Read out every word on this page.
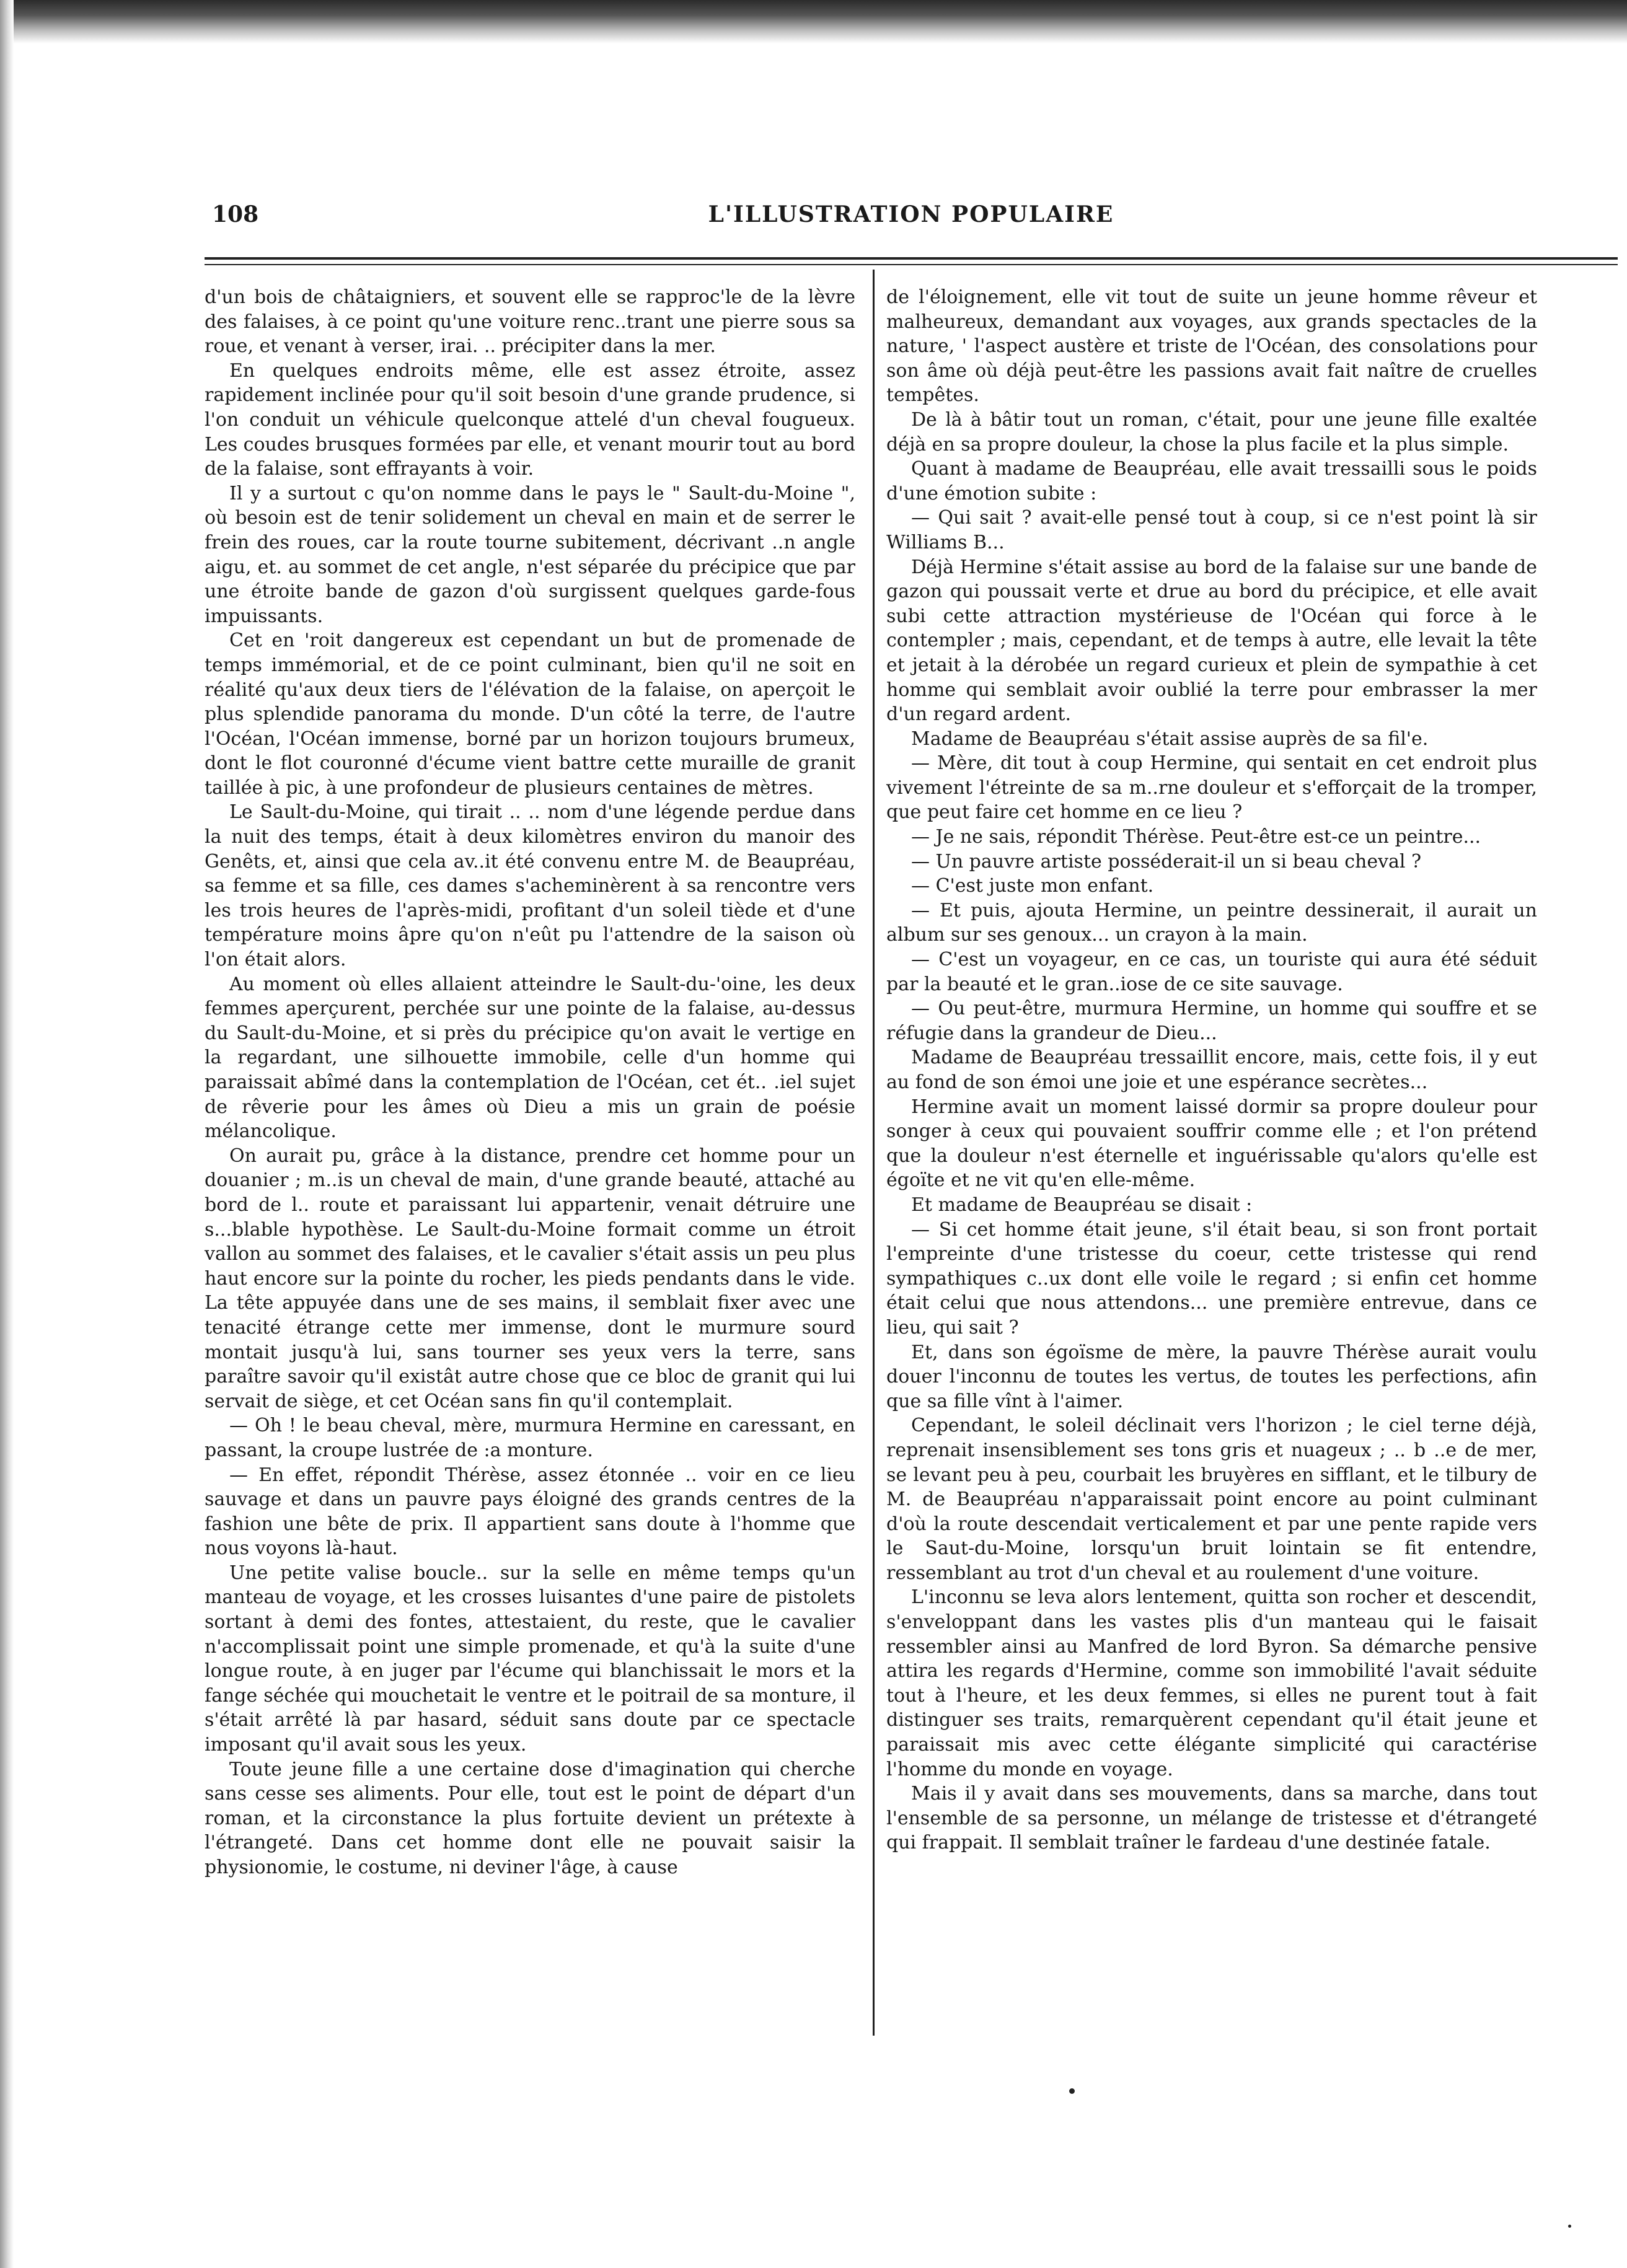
108	L'ILLUSTRATION POPULAIRE

d'un bois de châtaigniers, et souvent elle se rapproc'le de la lèvre des falaises, à ce point qu'une voiture renc..trant une pierre sous sa roue, et venant à verser, irai. .. précipiter dans la mer.

En quelques endroits même, elle est assez étroite, assez rapidement inclinée pour qu'il soit besoin d'une grande prudence, si l'on conduit un véhicule quelconque attelé d'un cheval fougueux. Les coudes brusques formées par elle, et venant mourir tout au bord de la falaise, sont effrayants à voir.

Il y a surtout c qu'on nomme dans le pays le " Sault-du-Moine ", où besoin est de tenir solidement un cheval en main et de serrer le frein des roues, car la route tourne subitement, décrivant ..n angle aigu, et. au sommet de cet angle, n'est séparée du précipice que par une étroite bande de gazon d'où surgissent quelques garde-fous impuissants.

Cet en 'roit dangereux est cependant un but de promenade de temps immémorial, et de ce point culminant, bien qu'il ne soit en réalité qu'aux deux tiers de l'élévation de la falaise, on aperçoit le plus splendide panorama du monde. D'un côté la terre, de l'autre l'Océan, l'Océan immense, borné par un horizon toujours brumeux, dont le flot couronné d'écume vient battre cette muraille de granit taillée à pic, à une profondeur de plusieurs centaines de mètres.

Le Sault-du-Moine, qui tirait .. .. nom d'une légende perdue dans la nuit des temps, était à deux kilomètres environ du manoir des Genêts, et, ainsi que cela av..it été convenu entre M. de Beaupréau, sa femme et sa fille, ces dames s'acheminèrent à sa rencontre vers les trois heures de l'après-midi, profitant d'un soleil tiède et d'une température moins âpre qu'on n'eût pu l'attendre de la saison où l'on était alors.

Au moment où elles allaient atteindre le Sault-du-'oine, les deux femmes aperçurent, perchée sur une pointe de la falaise, au-dessus du Sault-du-Moine, et si près du précipice qu'on avait le vertige en la regardant, une silhouette immobile, celle d'un homme qui paraissait abîmé dans la contemplation de l'Océan, cet ét.. .iel sujet de rêverie pour les âmes où Dieu a mis un grain de poésie mélancolique.

On aurait pu, grâce à la distance, prendre cet homme pour un douanier ; m..is un cheval de main, d'une grande beauté, attaché au bord de l.. route et paraissant lui appartenir, venait détruire une s...blable hypothèse. Le Sault-du-Moine formait comme un étroit vallon au sommet des falaises, et le cavalier s'était assis un peu plus haut encore sur la pointe du rocher, les pieds pendants dans le vide. La tête appuyée dans une de ses mains, il semblait fixer avec une tenacité étrange cette mer immense, dont le murmure sourd montait jusqu'à lui, sans tourner ses yeux vers la terre, sans paraître savoir qu'il existât autre chose que ce bloc de granit qui lui servait de siège, et cet Océan sans fin qu'il contemplait.

— Oh ! le beau cheval, mère, murmura Hermine en caressant, en passant, la croupe lustrée de :a monture.

— En effet, répondit Thérèse, assez étonnée .. voir en ce lieu sauvage et dans un pauvre pays éloigné des grands centres de la fashion une bête de prix. Il appartient sans doute à l'homme que nous voyons là-haut.

Une petite valise boucle.. sur la selle en même temps qu'un manteau de voyage, et les crosses luisantes d'une paire de pistolets sortant à demi des fontes, attestaient, du reste, que le cavalier n'accomplissait point une simple promenade, et qu'à la suite d'une longue route, à en juger par l'écume qui blanchissait le mors et la fange séchée qui mouchetait le ventre et le poitrail de sa monture, il s'était arrêté là par hasard, séduit sans doute par ce spectacle imposant qu'il avait sous les yeux.

Toute jeune fille a une certaine dose d'imagination qui cherche sans cesse ses aliments. Pour elle, tout est le point de départ d'un roman, et la circonstance la plus fortuite devient un prétexte à l'étrangeté. Dans cet homme dont elle ne pouvait saisir la physionomie, le costume, ni deviner l'âge, à cause

de l'éloignement, elle vit tout de suite un jeune homme rêveur et malheureux, demandant aux voyages, aux grands spectacles de la nature, ' l'aspect austère et triste de l'Océan, des consolations pour son âme où déjà peut-être les passions avait fait naître de cruelles tempêtes.

De là à bâtir tout un roman, c'était, pour une jeune fille exaltée déjà en sa propre douleur, la chose la plus facile et la plus simple.

Quant à madame de Beaupréau, elle avait tressailli sous le poids d'une émotion subite :

— Qui sait ? avait-elle pensé tout à coup, si ce n'est point là sir Williams B...

Déjà Hermine s'était assise au bord de la falaise sur une bande de gazon qui poussait verte et drue au bord du précipice, et elle avait subi cette attraction mystérieuse de l'Océan qui force à le contempler ; mais, cependant, et de temps à autre, elle levait la tête et jetait à la dérobée un regard curieux et plein de sympathie à cet homme qui semblait avoir oublié la terre pour embrasser la mer d'un regard ardent.

Madame de Beaupréau s'était assise auprès de sa fil'e.

— Mère, dit tout à coup Hermine, qui sentait en cet endroit plus vivement l'étreinte de sa m..rne douleur et s'efforçait de la tromper, que peut faire cet homme en ce lieu ?

— Je ne sais, répondit Thérèse. Peut-être est-ce un peintre...

— Un pauvre artiste posséderait-il un si beau cheval ?

— C'est juste mon enfant.

— Et puis, ajouta Hermine, un peintre dessinerait, il aurait un album sur ses genoux... un crayon à la main.

— C'est un voyageur, en ce cas, un touriste qui aura été séduit par la beauté et le gran..iose de ce site sauvage.

— Ou peut-être, murmura Hermine, un homme qui souffre et se réfugie dans la grandeur de Dieu...

Madame de Beaupréau tressaillit encore, mais, cette fois, il y eut au fond de son émoi une joie et une espérance secrètes...

Hermine avait un moment laissé dormir sa propre douleur pour songer à ceux qui pouvaient souffrir comme elle ; et l'on prétend que la douleur n'est éternelle et inguérissable qu'alors qu'elle est égoïte et ne vit qu'en elle-même.

Et madame de Beaupréau se disait :

— Si cet homme était jeune, s'il était beau, si son front portait l'empreinte d'une tristesse du coeur, cette tristesse qui rend sympathiques c..ux dont elle voile le regard ; si enfin cet homme était celui que nous attendons... une première entrevue, dans ce lieu, qui sait ?

Et, dans son égoïsme de mère, la pauvre Thérèse aurait voulu douer l'inconnu de toutes les vertus, de toutes les perfections, afin que sa fille vînt à l'aimer.

Cependant, le soleil déclinait vers l'horizon ; le ciel terne déjà, reprenait insensiblement ses tons gris et nuageux ; .. b ..e de mer, se levant peu à peu, courbait les bruyères en sifflant, et le tilbury de M. de Beaupréau n'apparaissait point encore au point culminant d'où la route descendait verticalement et par une pente rapide vers le Saut-du-Moine, lorsqu'un bruit lointain se fit entendre, ressemblant au trot d'un cheval et au roulement d'une voiture.

L'inconnu se leva alors lentement, quitta son rocher et descendit, s'enveloppant dans les vastes plis d'un manteau qui le faisait ressembler ainsi au Manfred de lord Byron. Sa démarche pensive attira les regards d'Hermine, comme son immobilité l'avait séduite tout à l'heure, et les deux femmes, si elles ne purent tout à fait distinguer ses traits, remarquèrent cependant qu'il était jeune et paraissait mis avec cette élégante simplicité qui caractérise l'homme du monde en voyage.

Mais il y avait dans ses mouvements, dans sa marche, dans tout l'ensemble de sa personne, un mélange de tristesse et d'étrangeté qui frappait. Il semblait traîner le fardeau d'une destinée fatale.
